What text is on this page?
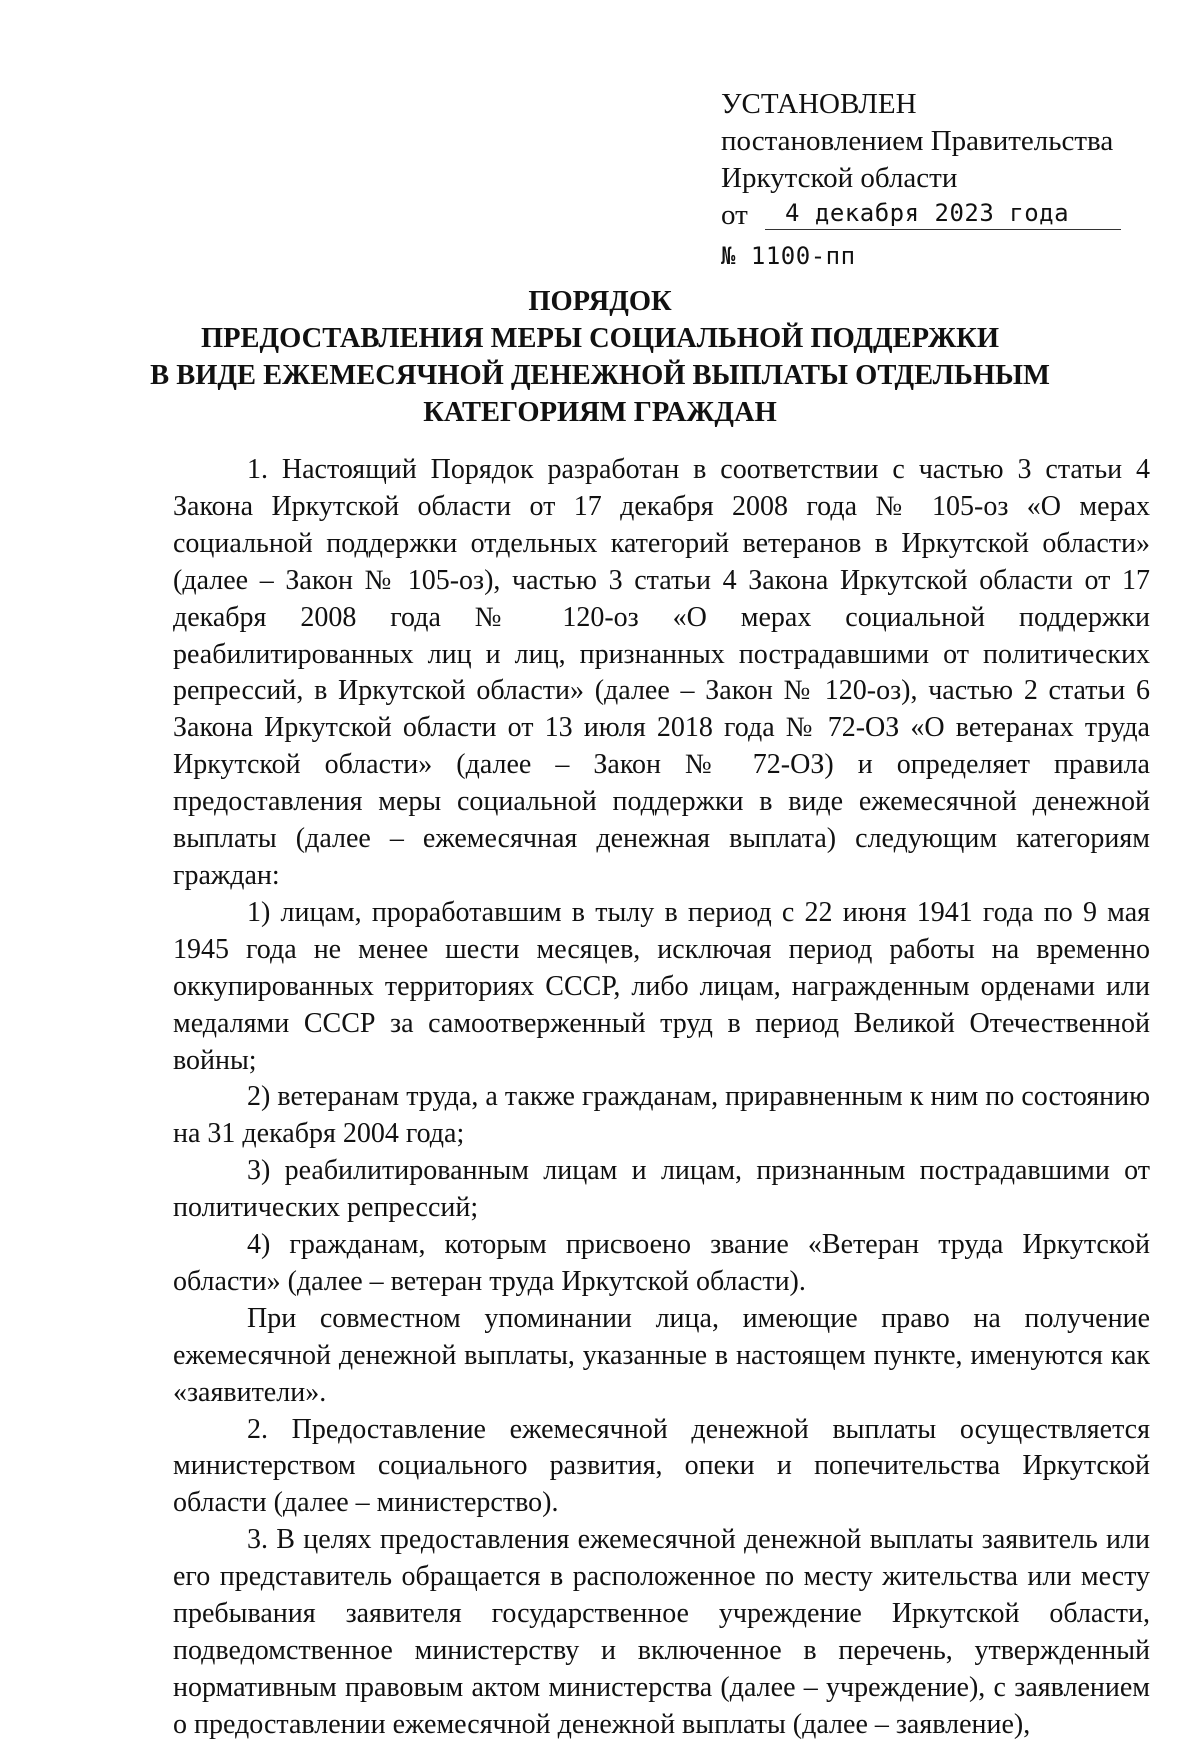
УСТАНОВЛЕН
постановлением Правительства
Иркутской области
от	4 декабря 2023 года
№ 1100-пп
ПОРЯДОК
ПРЕДОСТАВЛЕНИЯ МЕРЫ СОЦИАЛЬНОЙ ПОДДЕРЖКИ
В ВИДЕ ЕЖЕМЕСЯЧНОЙ ДЕНЕЖНОЙ ВЫПЛАТЫ ОТДЕЛЬНЫМ
КАТЕГОРИЯМ ГРАЖДАН

1. Настоящий Порядок разработан в соответствии с частью 3 статьи 4 Закона Иркутской области от 17 декабря 2008 года № 105-оз «О мерах социальной поддержки отдельных категорий ветеранов в Иркутской области» (далее – Закон № 105-оз), частью 3 статьи 4 Закона Иркутской области от 17 декабря 2008 года № 120-оз «О мерах социальной поддержки реабилитированных лиц и лиц, признанных пострадавшими от политических репрессий, в Иркутской области» (далее – Закон № 120-оз), частью 2 статьи 6 Закона Иркутской области от 13 июля 2018 года № 72-ОЗ «О ветеранах труда Иркутской области» (далее – Закон № 72-ОЗ) и определяет правила предоставления меры социальной поддержки в виде ежемесячной денежной выплаты (далее – ежемесячная денежная выплата) следующим категориям граждан:

1) лицам, проработавшим в тылу в период с 22 июня 1941 года по 9 мая 1945 года не менее шести месяцев, исключая период работы на временно оккупированных территориях СССР, либо лицам, награжденным орденами или медалями СССР за самоотверженный труд в период Великой Отечественной войны;

2) ветеранам труда, а также гражданам, приравненным к ним по состоянию на 31 декабря 2004 года;

3) реабилитированным лицам и лицам, признанным пострадавшими от политических репрессий;

4) гражданам, которым присвоено звание «Ветеран труда Иркутской области» (далее – ветеран труда Иркутской области).

При совместном упоминании лица, имеющие право на получение ежемесячной денежной выплаты, указанные в настоящем пункте, именуются как «заявители».

2. Предоставление ежемесячной денежной выплаты осуществляется министерством социального развития, опеки и попечительства Иркутской области (далее – министерство).

3. В целях предоставления ежемесячной денежной выплаты заявитель или его представитель обращается в расположенное по месту жительства или месту пребывания заявителя государственное учреждение Иркутской области, подведомственное министерству и включенное в перечень, утвержденный нормативным правовым актом министерства (далее – учреждение), с заявлением о предоставлении ежемесячной денежной выплаты (далее – заявление),
